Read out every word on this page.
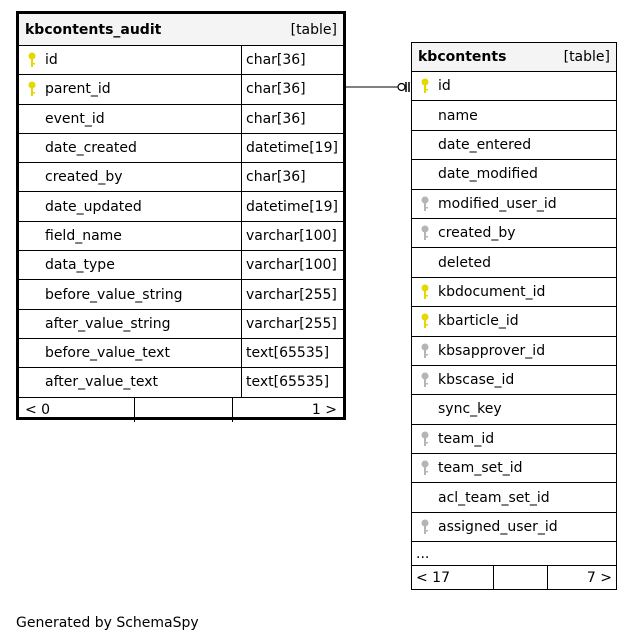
kbcontents_audit	[table]
id	char[36]
parent_id	char[36]
event_id	char[36]
date_created	datetime[19]
created_by	char[36]
date_updated	datetime[19]
field_name	varchar[100]
data_type	varchar[100]
before_value_string	varchar[255]
after_value_string	varchar[255]
before_value_text	text[65535]
after_value_text	text[65535]
< 0	1 >
kbcontents	[table]
id
name
date_entered
date_modified
modified_user_id
created_by
deleted
kbdocument_id
kbarticle_id
kbsapprover_id
kbscase_id
sync_key
team_id
team_set_id
acl_team_set_id
assigned_user_id
...
< 17	7 >
Generated by SchemaSpy
